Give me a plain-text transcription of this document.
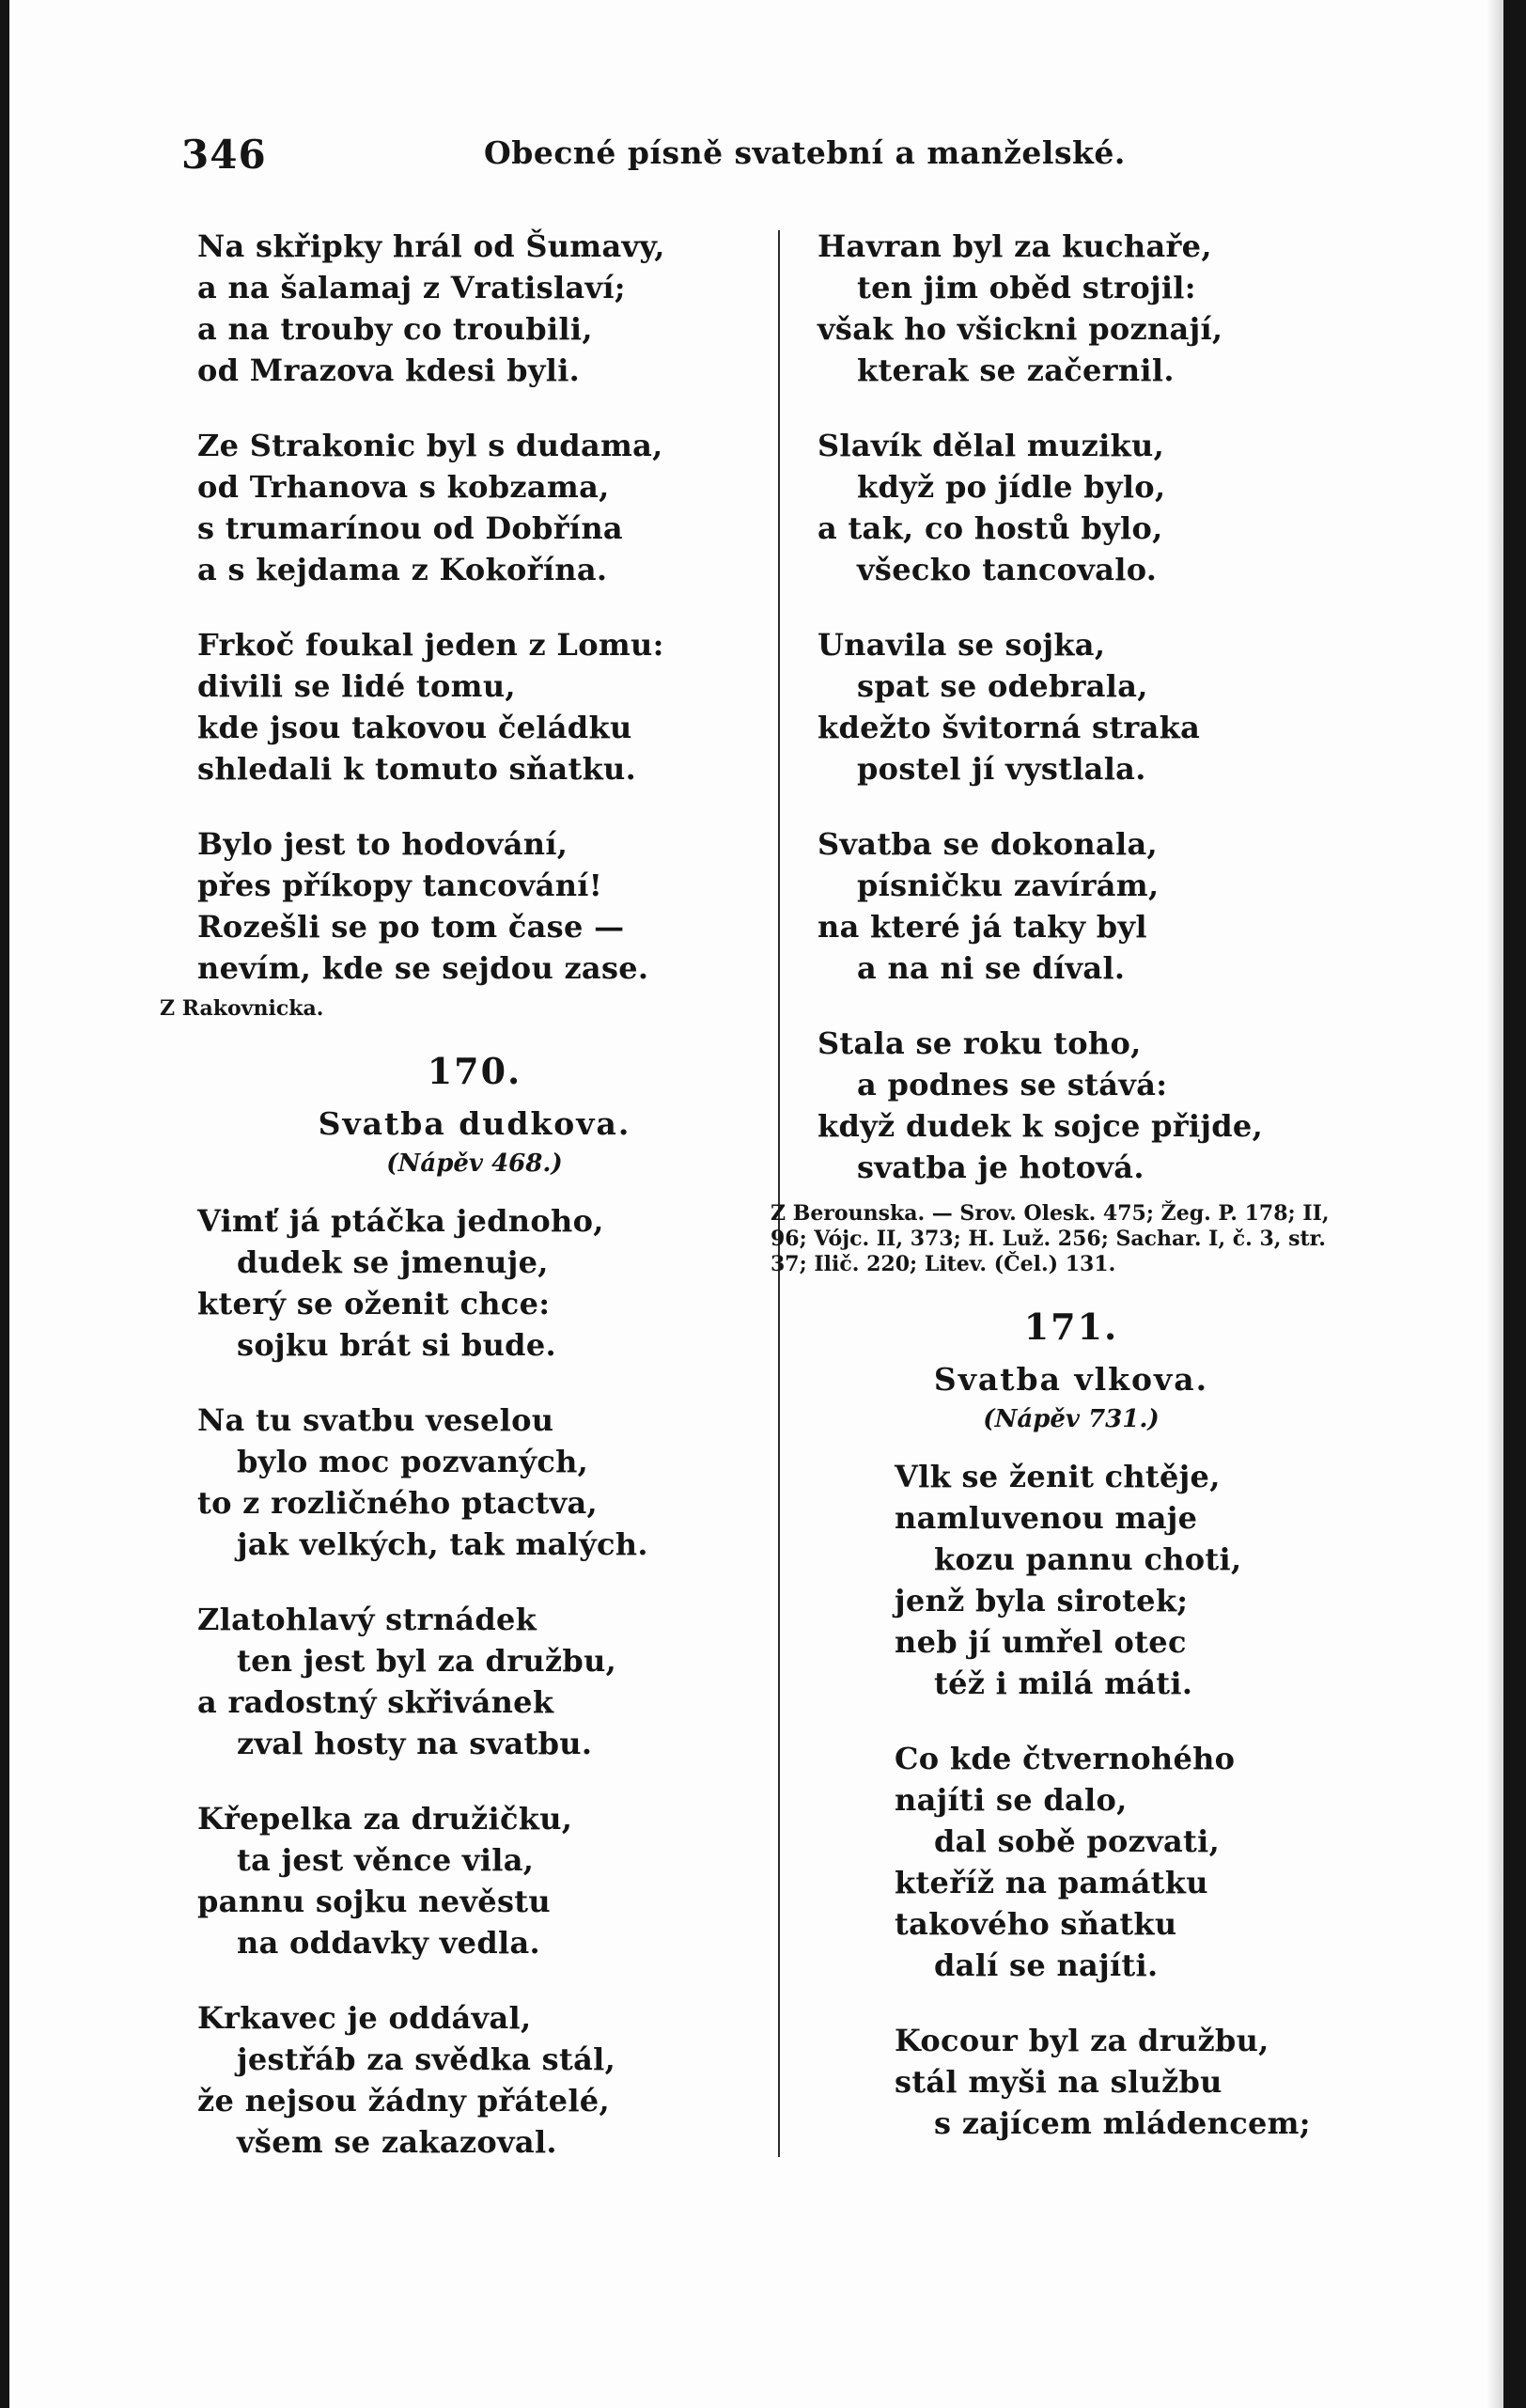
346	Obecné písně svatební a manželské.
Na skřipky hrál od Šumavy,
a na šalamaj z Vratislaví;
a na trouby co troubili,
od Mrazova kdesi byli.
Ze Strakonic byl s dudama,
od Trhanova s kobzama,
s trumarínou od Dobřína
a s kejdama z Kokořína.
Frkoč foukal jeden z Lomu:
divili se lidé tomu,
kde jsou takovou čeládku
shledali k tomuto sňatku.
Bylo jest to hodování,
přes příkopy tancování!
Rozešli se po tom čase —
nevím, kde se sejdou zase.
Z Rakovnicka.
170.
Svatba dudkova.
(Nápěv 468.)
Vimť já ptáčka jednoho,
dudek se jmenuje,
který se oženit chce:
sojku brát si bude.
Na tu svatbu veselou
bylo moc pozvaných,
to z rozličného ptactva,
jak velkých, tak malých.
Zlatohlavý strnádek
ten jest byl za družbu,
a radostný skřivánek
zval hosty na svatbu.
Křepelka za družičku,
ta jest věnce vila,
pannu sojku nevěstu
na oddavky vedla.
Krkavec je oddával,
jestřáb za svědka stál,
že nejsou žádny přátelé,
všem se zakazoval.
Havran byl za kuchaře,
ten jim oběd strojil:
však ho všickni poznají,
kterak se začernil.
Slavík dělal muziku,
když po jídle bylo,
a tak, co hostů bylo,
všecko tancovalo.
Unavila se sojka,
spat se odebrala,
kdežto švitorná straka
postel jí vystlala.
Svatba se dokonala,
písničku zavírám,
na které já taky byl
a na ni se díval.
Stala se roku toho,
a podnes se stává:
když dudek k sojce přijde,
svatba je hotová.
Z Berounska. — Srov. Olesk. 475; Žeg. P. 178; II, 96; Vójc. II, 373; H. Luž. 256; Sachar. I, č. 3, str. 37; Ilič. 220; Litev. (Čel.) 131.
171.
Svatba vlkova.
(Nápěv 731.)
Vlk se ženit chtěje,
namluvenou maje
kozu pannu choti,
jenž byla sirotek;
neb jí umřel otec
též i milá máti.
Co kde čtvernohého
najíti se dalo,
dal sobě pozvati,
kteříž na památku
takového sňatku
dalí se najíti.
Kocour byl za družbu,
stál myši na službu
s zajícem mládencem;
